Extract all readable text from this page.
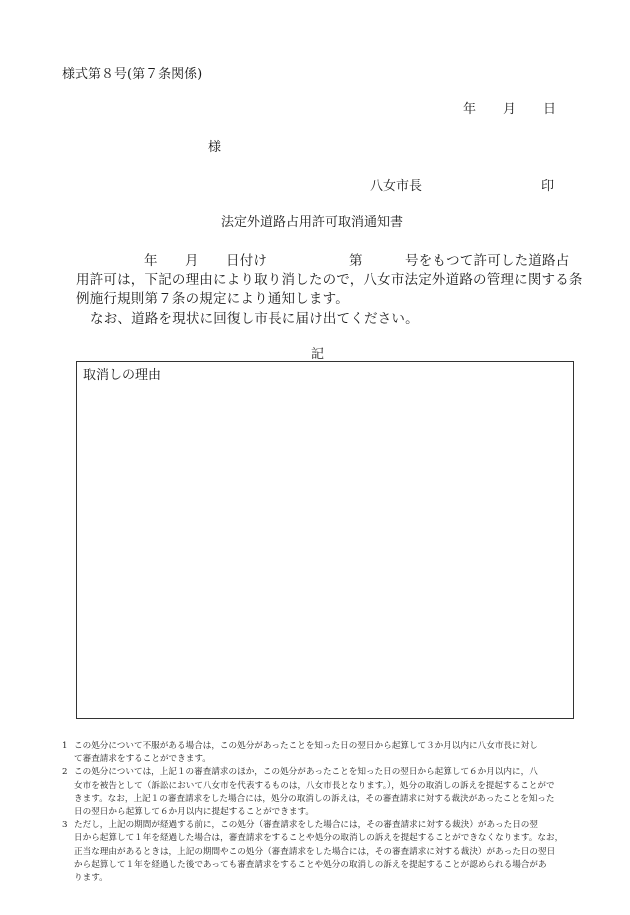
様式第８号(第７条関係)
年 月 日
様
八女市長	印
法定外道路占用許可取消通知書
年 月 日付け	第	号をもつて許可した道路占
用許可は，下記の理由により取り消したので，八女市法定外道路の管理に関する条
例施行規則第７条の規定により通知します。
なお、道路を現状に回復し市長に届け出てください。
記
取消しの理由
1 この処分について不服がある場合は，この処分があったことを知った日の翌日から起算して３か月以内に八女市長に対し
て審査請求をすることができます。
2 この処分については，上記１の審査請求のほか，この処分があったことを知った日の翌日から起算して６か月以内に，八
女市を被告として（訴訟において八女市を代表するものは，八女市長となります。），処分の取消しの訴えを提起することがで
きます。なお，上記１の審査請求をした場合には，処分の取消しの訴えは，その審査請求に対する裁決があったことを知った
日の翌日から起算して６か月以内に提起することができます。
3 ただし，上記の期間が経過する前に，この処分（審査請求をした場合には，その審査請求に対する裁決）があった日の翌
日から起算して１年を経過した場合は，審査請求をすることや処分の取消しの訴えを提起することができなくなります。なお，
正当な理由があるときは，上記の期間やこの処分（審査請求をした場合には，その審査請求に対する裁決）があった日の翌日
から起算して１年を経過した後であっても審査請求をすることや処分の取消しの訴えを提起することが認められる場合があ
ります。
